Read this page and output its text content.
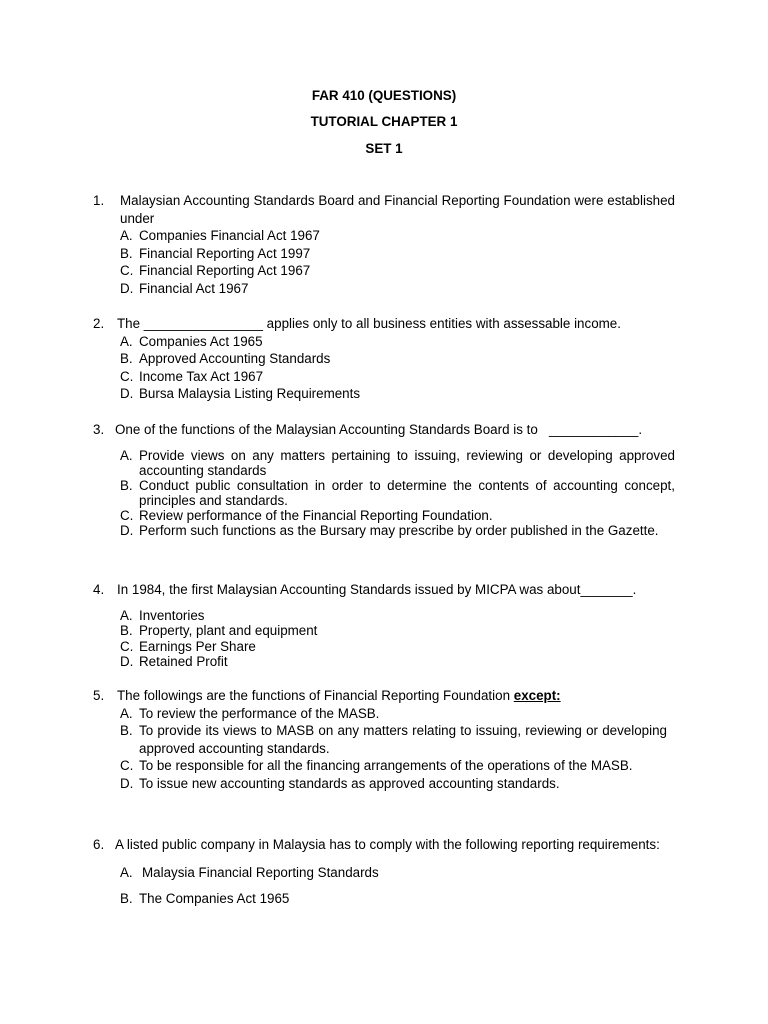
FAR 410 (QUESTIONS)
TUTORIAL CHAPTER 1
SET 1
1.	Malaysian Accounting Standards Board and Financial Reporting Foundation were established under
A. Companies Financial Act 1967
B. Financial Reporting Act 1997
C. Financial Reporting Act 1967
D. Financial Act 1967
2. The ________________ applies only to all business entities with assessable income.
A. Companies Act 1965
B. Approved Accounting Standards
C. Income Tax Act 1967
D. Bursa Malaysia Listing Requirements
3. One of the functions of the Malaysian Accounting Standards Board is to   ____________.
A. Provide views on any matters pertaining to issuing, reviewing or developing approved accounting standards
B. Conduct public consultation in order to determine the contents of accounting concept, principles and standards.
C. Review performance of the Financial Reporting Foundation.
D. Perform such functions as the Bursary may prescribe by order published in the Gazette.
4. In 1984, the first Malaysian Accounting Standards issued by MICPA was about_______.
A. Inventories
B. Property, plant and equipment
C. Earnings Per Share
D. Retained Profit
5. The followings are the functions of Financial Reporting Foundation except:
A. To review the performance of the MASB.
B. To provide its views to MASB on any matters relating to issuing, reviewing or developing approved accounting standards.
C. To be responsible for all the financing arrangements of the operations of the MASB.
D. To issue new accounting standards as approved accounting standards.
6. A listed public company in Malaysia has to comply with the following reporting requirements:
A. Malaysia Financial Reporting Standards
B. The Companies Act 1965
